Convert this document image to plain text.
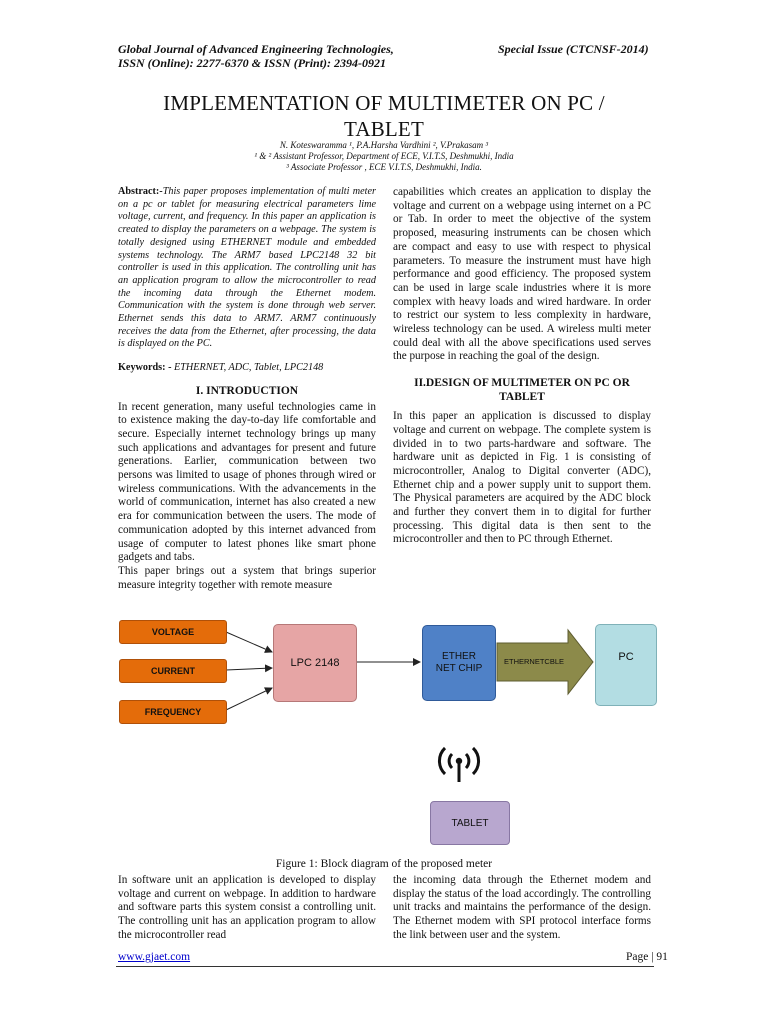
Global Journal of Advanced Engineering Technologies,
ISSN (Online): 2277-6370 & ISSN (Print): 2394-0921
Special Issue (CTCNSF-2014)
IMPLEMENTATION OF MULTIMETER ON PC /
TABLET
N. Koteswaramma ¹, P.A.Harsha Vardhini ², V.Prakasam ³
¹ & ² Assistant Professor, Department of ECE, V.I.T.S, Deshmukhi, India
³ Associate Professor , ECE V.I.T.S, Deshmukhi, India.

Abstract:-This paper proposes implementation of multi meter on a pc or tablet for measuring electrical parameters lime voltage, current, and frequency. In this paper an application is created to display the parameters on a webpage. The system is totally designed using ETHERNET module and embedded systems technology. The ARM7 based LPC2148 32 bit controller is used in this application. The controlling unit has an application program to allow the microcontroller to read the incoming data through the Ethernet modem. Communication with the system is done through web server. Ethernet sends this data to ARM7. ARM7 continuously receives the data from the Ethernet, after processing, the data is displayed on the PC.

Keywords: - ETHERNET, ADC, Tablet, LPC2148

I. INTRODUCTION

In recent generation, many useful technologies came in to existence making the day-to-day life comfortable and secure. Especially internet technology brings up many such applications and advantages for present and future generations. Earlier, communication between two persons was limited to usage of phones through wired or wireless communications. With the advancements in the world of communication, internet has also created a new era for communication between the users. The mode of communication adopted by this internet advanced from usage of computer to latest phones like smart phone gadgets and tabs.

This paper brings out a system that brings superior measure integrity together with remote measure

capabilities which creates an application to display the voltage and current on a webpage using internet on a PC or Tab. In order to meet the objective of the system proposed, measuring instruments can be chosen which are compact and easy to use with respect to physical parameters. To measure the instrument must have high performance and good efficiency. The proposed system can be used in large scale industries where it is more complex with heavy loads and wired hardware. In order to restrict our system to less complexity in hardware, wireless technology can be used. A wireless multi meter could deal with all the above specifications used serves the purpose in reaching the goal of the design.

II.DESIGN OF MULTIMETER ON PC OR
TABLET

In this paper an application is discussed to display voltage and current on webpage. The complete system is divided in to two parts-hardware and software. The hardware unit as depicted in Fig. 1 is consisting of microcontroller, Analog to Digital converter (ADC), Ethernet chip and a power supply unit to support them. The Physical parameters are acquired by the ADC block and further they convert them in to digital for further processing. This digital data is then sent to the microcontroller and then to PC through Ethernet.

VOLTAGE
CURRENT
FREQUENCY
LPC 2148
ETHER NET CHIP
ETHERNETCBLE	PC
TABLET
Figure 1: Block diagram of the proposed meter
In software unit an application is developed to display voltage and current on webpage. In addition to hardware and software parts this system consist a controlling unit. The controlling unit has an application program to allow the microcontroller read
the incoming data through the Ethernet modem and display the status of the load accordingly. The controlling unit tracks and maintains the performance of the design. The Ethernet modem with SPI protocol interface forms the link between user and the system.
www.gjaet.com	Page | 91
